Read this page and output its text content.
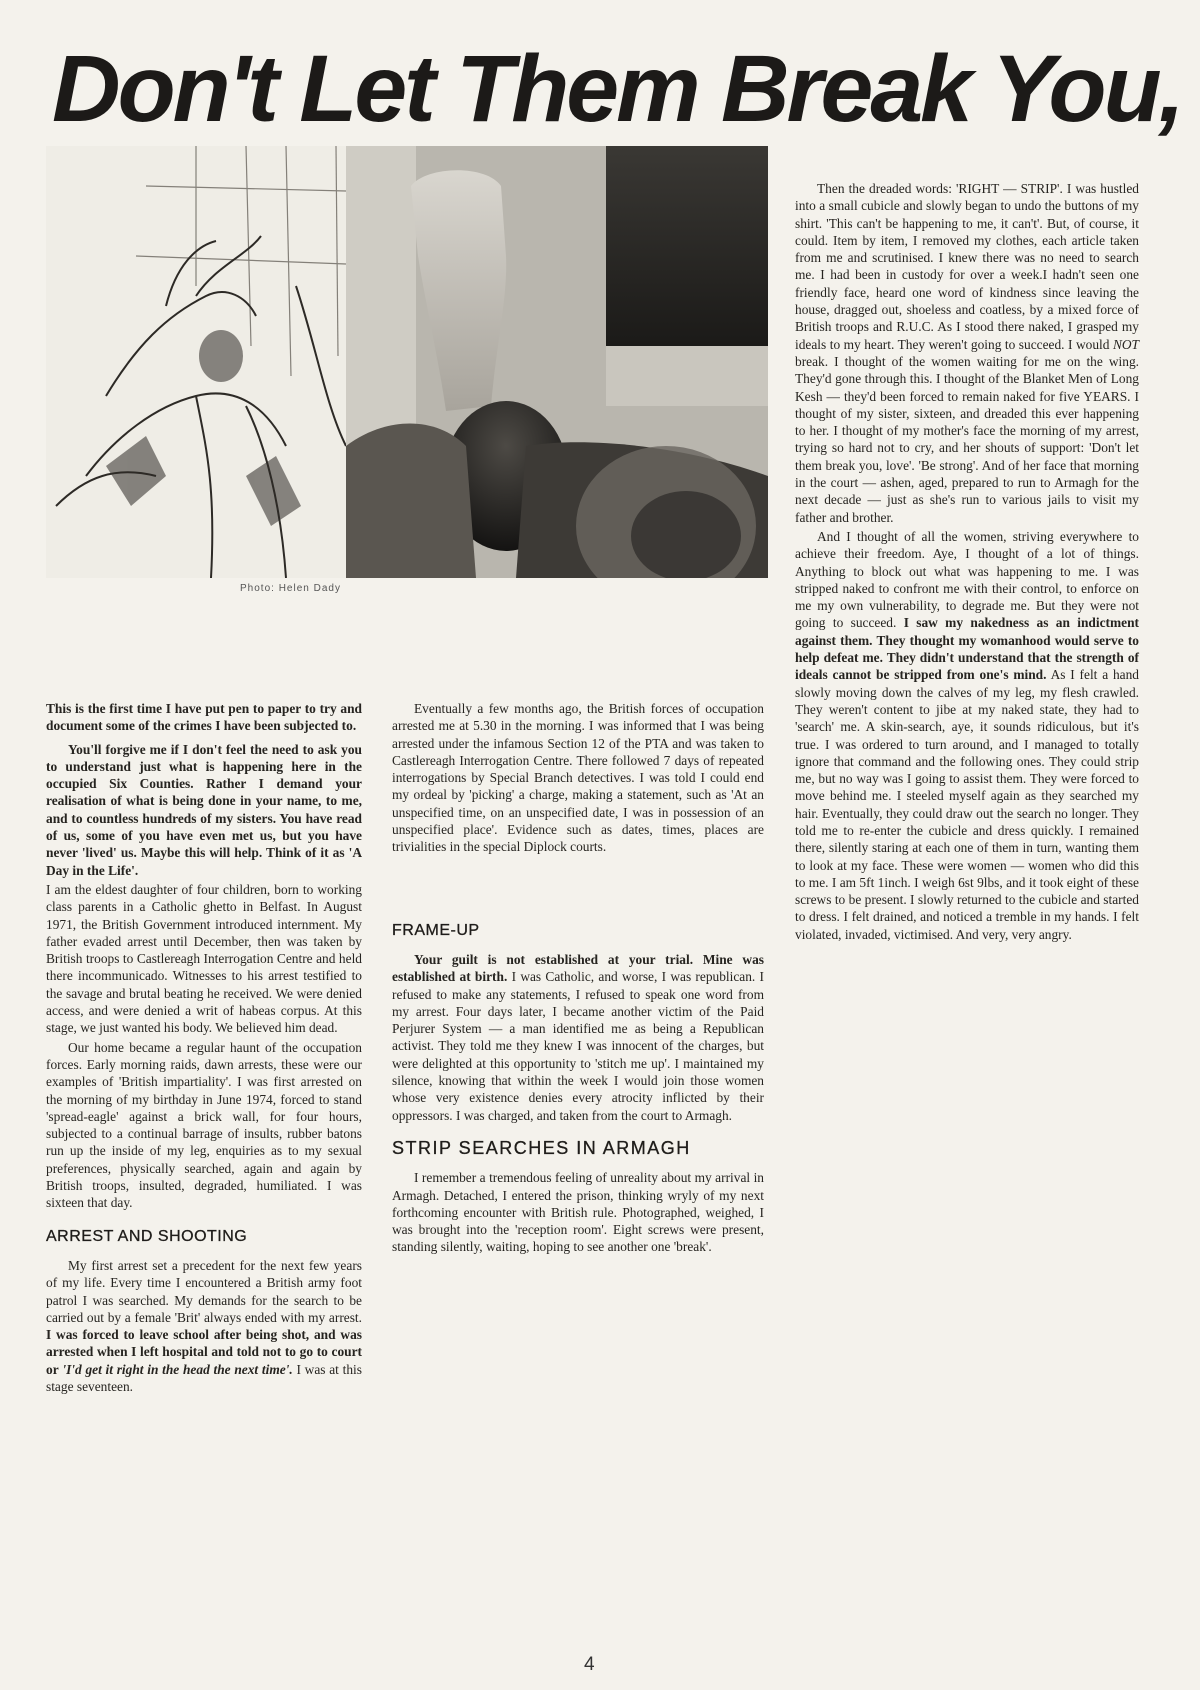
Don't Let Them Break You,
Photo: Helen Dady

This is the first time I have put pen to paper to try and document some of the crimes I have been subjected to.

You'll forgive me if I don't feel the need to ask you to understand just what is happening here in the occupied Six Counties. Rather I demand your realisation of what is being done in your name, to me, and to countless hundreds of my sisters. You have read of us, some of you have even met us, but you have never 'lived' us. Maybe this will help. Think of it as 'A Day in the Life'.

I am the eldest daughter of four children, born to working class parents in a Catholic ghetto in Belfast. In August 1971, the British Government introduced internment. My father evaded arrest until December, then was taken by British troops to Castlereagh Interrogation Centre and held there incommunicado. Witnesses to his arrest testified to the savage and brutal beating he received. We were denied access, and were denied a writ of habeas corpus. At this stage, we just wanted his body. We believed him dead.

Our home became a regular haunt of the occupation forces. Early morning raids, dawn arrests, these were our examples of 'British impartiality'. I was first arrested on the morning of my birthday in June 1974, forced to stand 'spread-eagle' against a brick wall, for four hours, subjected to a continual barrage of insults, rubber batons run up the inside of my leg, enquiries as to my sexual preferences, physically searched, again and again by British troops, insulted, degraded, humiliated. I was sixteen that day.

ARREST AND SHOOTING

My first arrest set a precedent for the next few years of my life. Every time I encountered a British army foot patrol I was searched. My demands for the search to be carried out by a female 'Brit' always ended with my arrest. I was forced to leave school after being shot, and was arrested when I left hospital and told not to go to court or 'I'd get it right in the head the next time'. I was at this stage seventeen.

Eventually a few months ago, the British forces of occupation arrested me at 5.30 in the morning. I was informed that I was being arrested under the infamous Section 12 of the PTA and was taken to Castlereagh Interrogation Centre. There followed 7 days of repeated interrogations by Special Branch detectives. I was told I could end my ordeal by 'picking' a charge, making a statement, such as 'At an unspecified time, on an unspecified date, I was in possession of an unspecified place'. Evidence such as dates, times, places are trivialities in the special Diplock courts.

FRAME-UP

Your guilt is not established at your trial. Mine was established at birth. I was Catholic, and worse, I was republican. I refused to make any statements, I refused to speak one word from my arrest. Four days later, I became another victim of the Paid Perjurer System — a man identified me as being a Republican activist. They told me they knew I was innocent of the charges, but were delighted at this opportunity to 'stitch me up'. I maintained my silence, knowing that within the week I would join those women whose very existence denies every atrocity inflicted by their oppressors. I was charged, and taken from the court to Armagh.

STRIP SEARCHES IN ARMAGH

I remember a tremendous feeling of unreality about my arrival in Armagh. Detached, I entered the prison, thinking wryly of my next forthcoming encounter with British rule. Photographed, weighed, I was brought into the 'reception room'. Eight screws were present, standing silently, waiting, hoping to see another one 'break'.

Then the dreaded words: 'RIGHT — STRIP'. I was hustled into a small cubicle and slowly began to undo the buttons of my shirt. 'This can't be happening to me, it can't'. But, of course, it could. Item by item, I removed my clothes, each article taken from me and scrutinised. I knew there was no need to search me. I had been in custody for over a week.I hadn't seen one friendly face, heard one word of kindness since leaving the house, dragged out, shoeless and coatless, by a mixed force of British troops and R.U.C. As I stood there naked, I grasped my ideals to my heart. They weren't going to succeed. I would NOT break. I thought of the women waiting for me on the wing. They'd gone through this. I thought of the Blanket Men of Long Kesh — they'd been forced to remain naked for five YEARS. I thought of my sister, sixteen, and dreaded this ever happening to her. I thought of my mother's face the morning of my arrest, trying so hard not to cry, and her shouts of support: 'Don't let them break you, love'. 'Be strong'. And of her face that morning in the court — ashen, aged, prepared to run to Armagh for the next decade — just as she's run to various jails to visit my father and brother.

And I thought of all the women, striving everywhere to achieve their freedom. Aye, I thought of a lot of things. Anything to block out what was happening to me. I was stripped naked to confront me with their control, to enforce on me my own vulnerability, to degrade me. But they were not going to succeed. I saw my nakedness as an indictment against them. They thought my womanhood would serve to help defeat me. They didn't understand that the strength of ideals cannot be stripped from one's mind. As I felt a hand slowly moving down the calves of my leg, my flesh crawled. They weren't content to jibe at my naked state, they had to 'search' me. A skin-search, aye, it sounds ridiculous, but it's true. I was ordered to turn around, and I managed to totally ignore that command and the following ones. They could strip me, but no way was I going to assist them. They were forced to move behind me. I steeled myself again as they searched my hair. Eventually, they could draw out the search no longer. They told me to re-enter the cubicle and dress quickly. I remained there, silently staring at each one of them in turn, wanting them to look at my face. These were women — women who did this to me. I am 5ft 1inch. I weigh 6st 9lbs, and it took eight of these screws to be present. I slowly returned to the cubicle and started to dress. I felt drained, and noticed a tremble in my hands. I felt violated, invaded, victimised. And very, very angry.

4
